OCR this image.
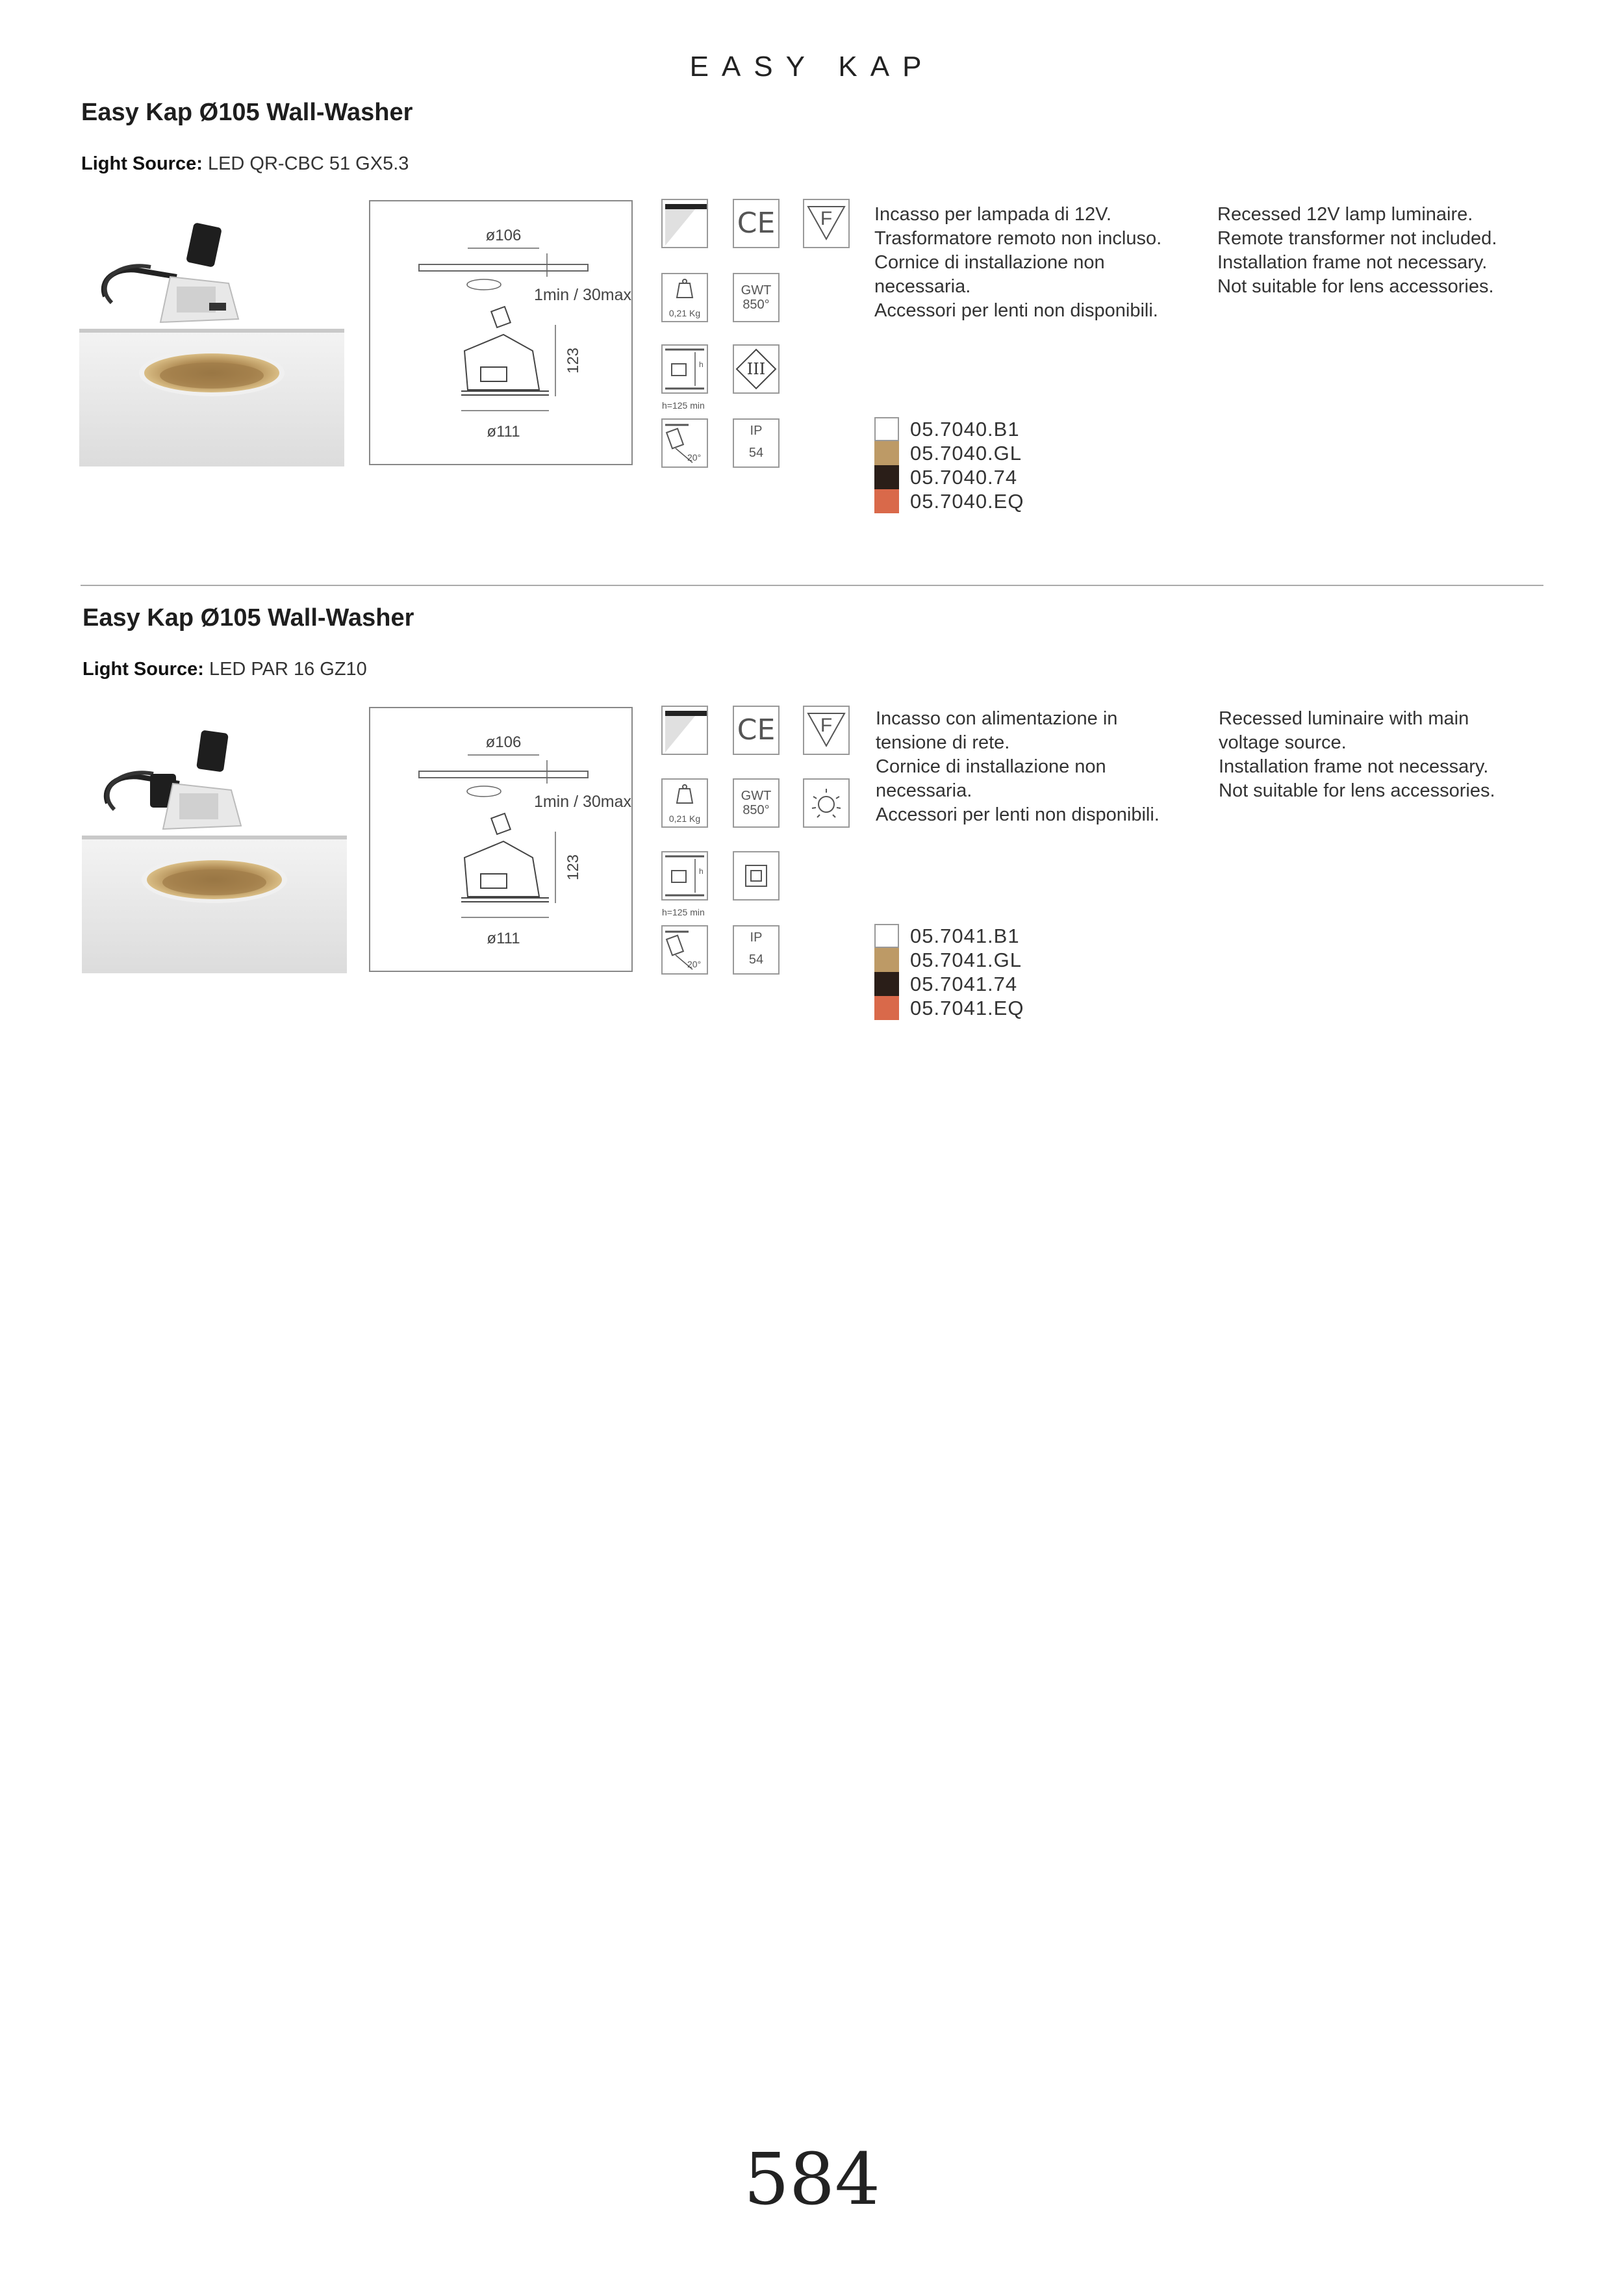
EASY KAP
Easy Kap Ø105 Wall-Washer
Light Source: LED QR-CBC 51 GX5.3
ø106
1min / 30max
123
ø111
CE	F
0,21 Kg
GWT
850°
h
h=125 min
III
20°
IP
54
Incasso per lampada di 12V.
Trasformatore remoto non incluso.
Cornice di installazione non
necessaria.
Accessori per lenti non disponibili.
Recessed 12V lamp luminaire.
Remote transformer not included.
Installation frame not necessary.
Not suitable for lens accessories.
05.7040.B1
05.7040.GL
05.7040.74
05.7040.EQ
Easy Kap Ø105 Wall-Washer
Light Source: LED PAR 16 GZ10
ø106
1min / 30max
123
ø111
CE	F
0,21 Kg
GWT
850°
h
h=125 min
20°
IP
54
Incasso con alimentazione in
tensione di rete.
Cornice di installazione non
necessaria.
Accessori per lenti non disponibili.
Recessed luminaire with main
voltage source.
Installation frame not necessary.
Not suitable for lens accessories.
05.7041.B1
05.7041.GL
05.7041.74
05.7041.EQ
584
